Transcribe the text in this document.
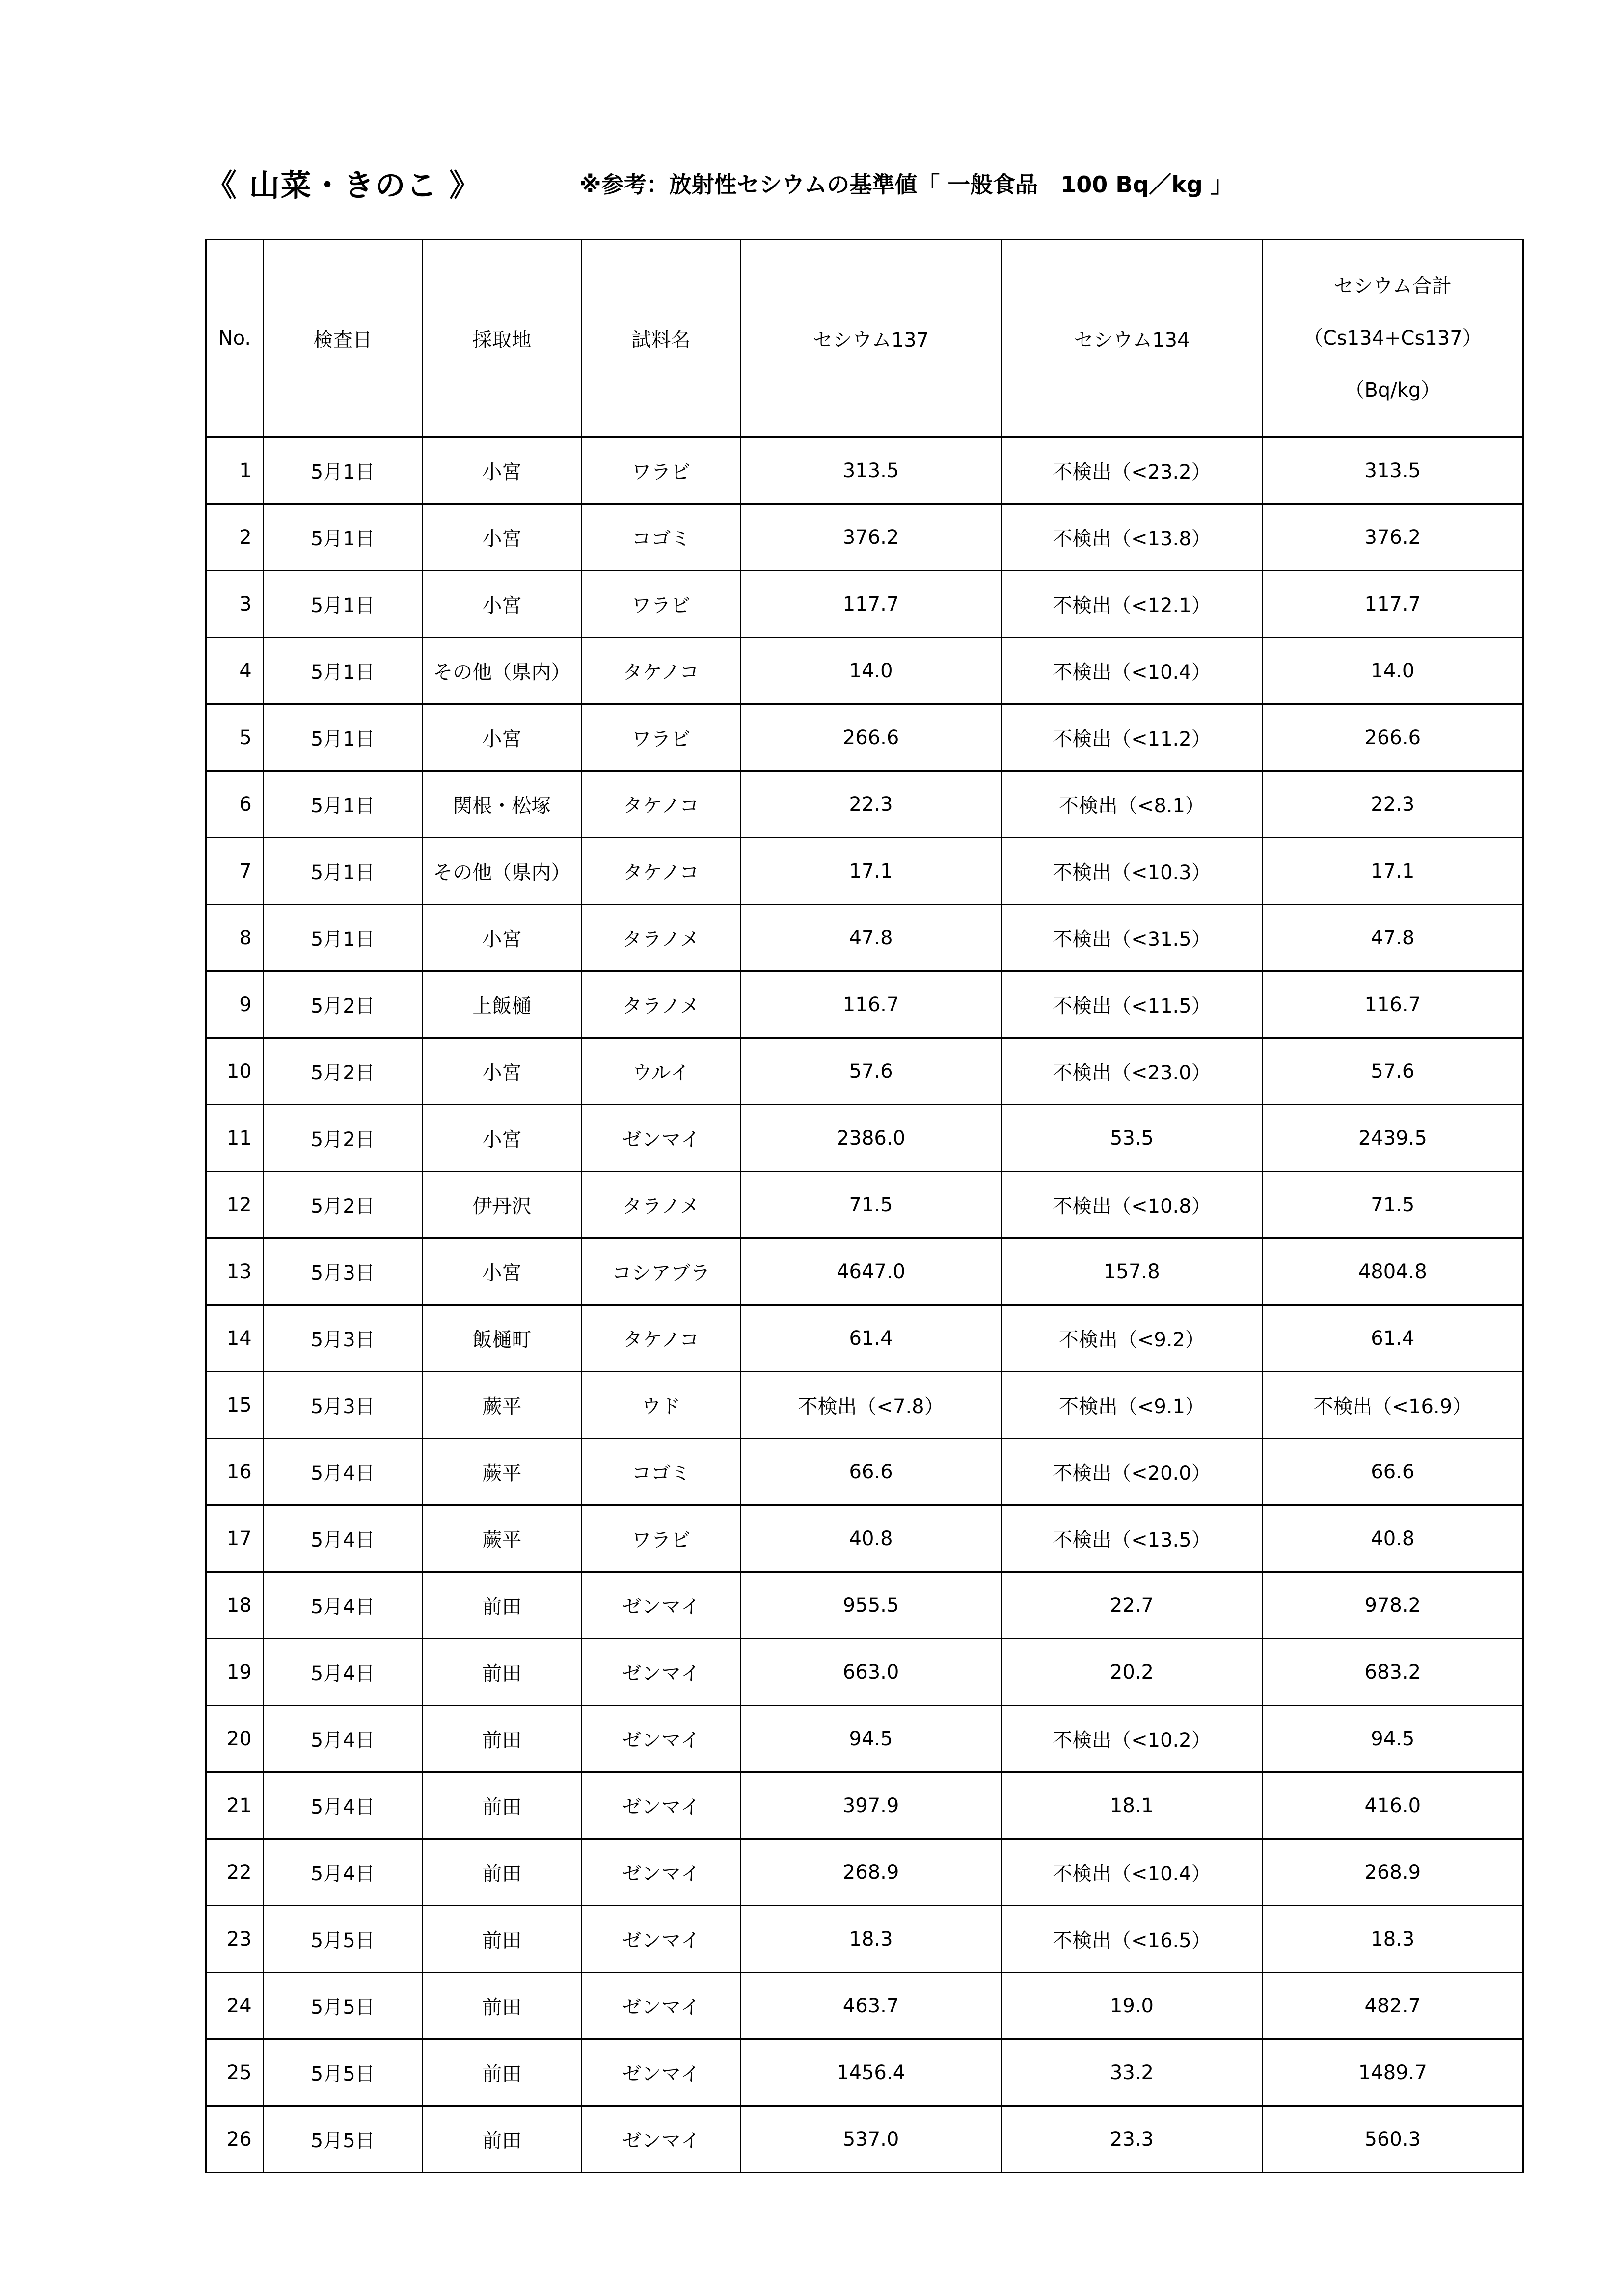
《 山菜・きのこ 》	※参考：放射性セシウムの基準値「 一般食品　100 Bq／kg 」
No.	検査日	採取地	試料名	セシウム137	セシウム134	セシウム合計
（Cs134+Cs137）
（Bq/kg）

1	5月1日	小宮	ワラビ	313.5	不検出（<23.2）	313.5
2	5月1日	小宮	コゴミ	376.2	不検出（<13.8）	376.2
3	5月1日	小宮	ワラビ	117.7	不検出（<12.1）	117.7
4	5月1日	その他（県内）	タケノコ	14.0	不検出（<10.4）	14.0
5	5月1日	小宮	ワラビ	266.6	不検出（<11.2）	266.6
6	5月1日	関根・松塚	タケノコ	22.3	不検出（<8.1）	22.3
7	5月1日	その他（県内）	タケノコ	17.1	不検出（<10.3）	17.1
8	5月1日	小宮	タラノメ	47.8	不検出（<31.5）	47.8
9	5月2日	上飯樋	タラノメ	116.7	不検出（<11.5）	116.7
10	5月2日	小宮	ウルイ	57.6	不検出（<23.0）	57.6
11	5月2日	小宮	ゼンマイ	2386.0	53.5	2439.5
12	5月2日	伊丹沢	タラノメ	71.5	不検出（<10.8）	71.5
13	5月3日	小宮	コシアブラ	4647.0	157.8	4804.8
14	5月3日	飯樋町	タケノコ	61.4	不検出（<9.2）	61.4
15	5月3日	蕨平	ウド	不検出（<7.8）	不検出（<9.1）	不検出（<16.9）
16	5月4日	蕨平	コゴミ	66.6	不検出（<20.0）	66.6
17	5月4日	蕨平	ワラビ	40.8	不検出（<13.5）	40.8
18	5月4日	前田	ゼンマイ	955.5	22.7	978.2
19	5月4日	前田	ゼンマイ	663.0	20.2	683.2
20	5月4日	前田	ゼンマイ	94.5	不検出（<10.2）	94.5
21	5月4日	前田	ゼンマイ	397.9	18.1	416.0
22	5月4日	前田	ゼンマイ	268.9	不検出（<10.4）	268.9
23	5月5日	前田	ゼンマイ	18.3	不検出（<16.5）	18.3
24	5月5日	前田	ゼンマイ	463.7	19.0	482.7
25	5月5日	前田	ゼンマイ	1456.4	33.2	1489.7
26	5月5日	前田	ゼンマイ	537.0	23.3	560.3
